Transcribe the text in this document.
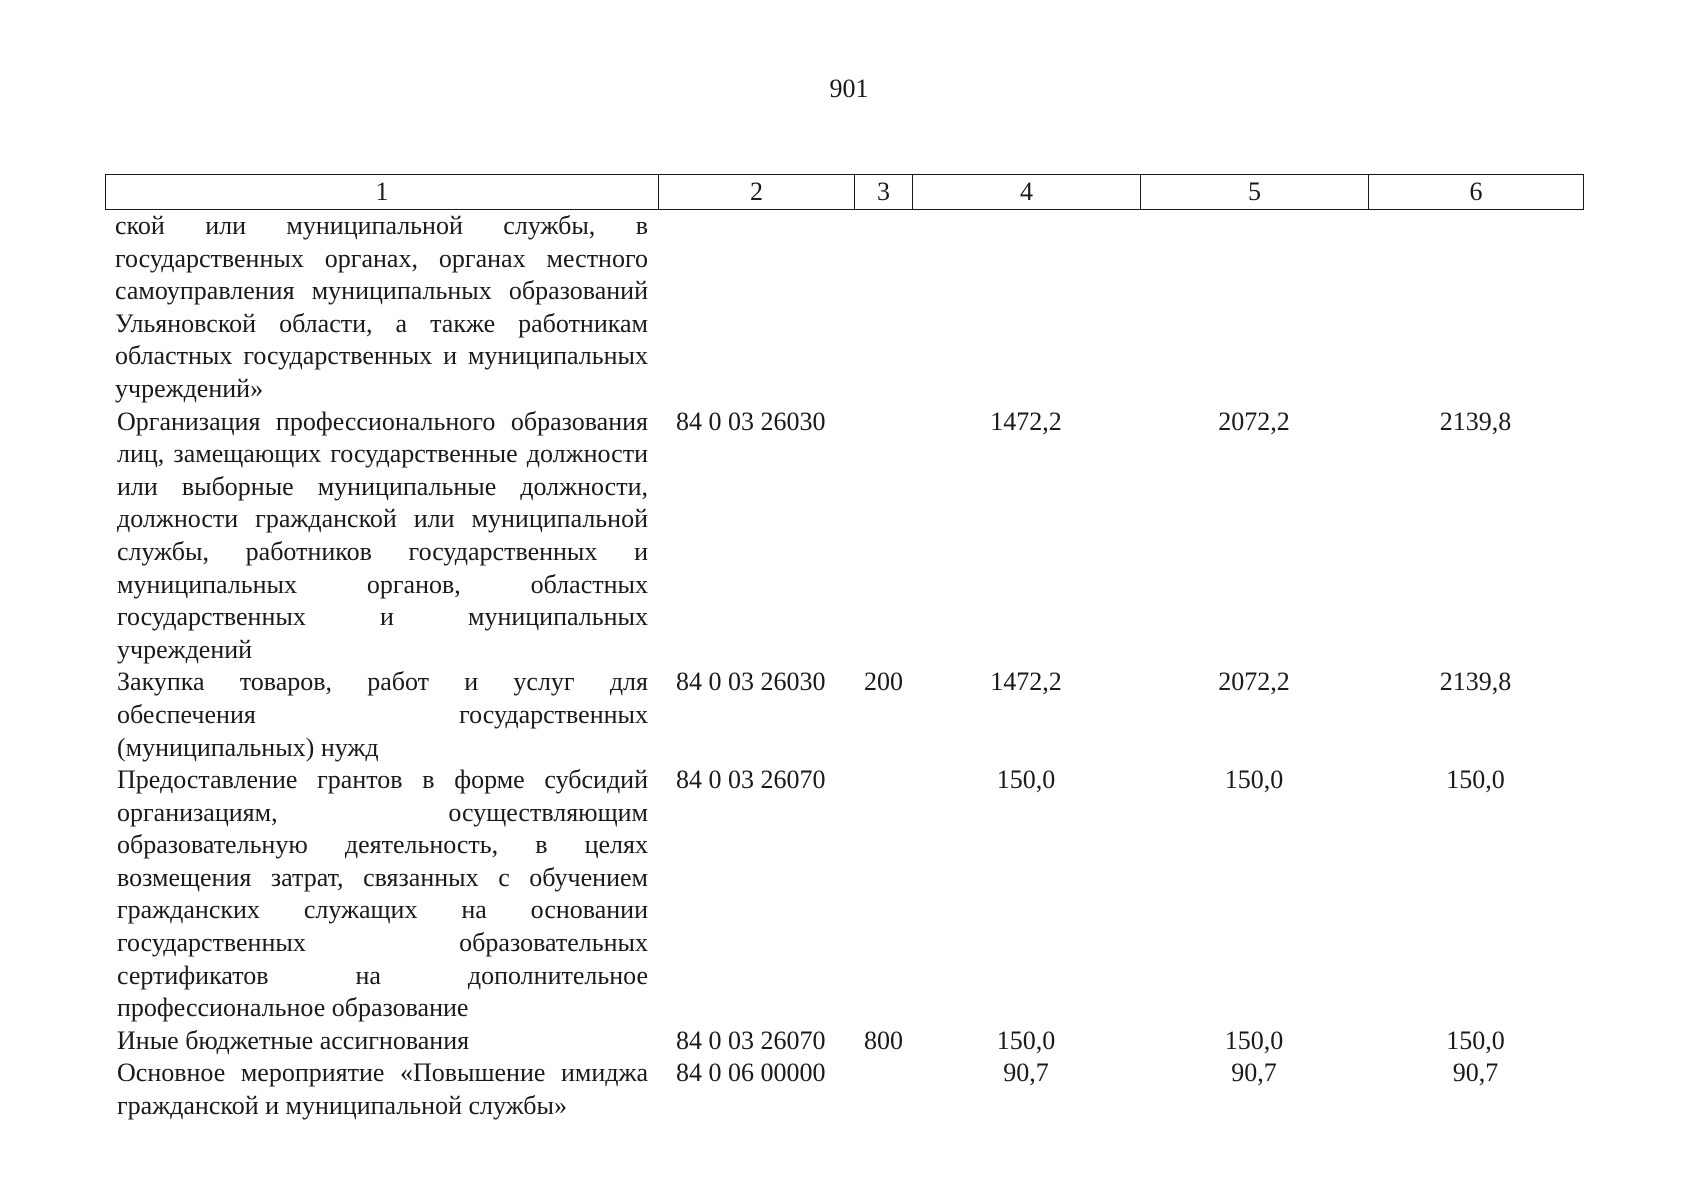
901
1	2	3	4	5	6
ской или муниципальной службы, в государственных органах, органах местного самоуправления муниципальных образований Ульяновской области, а также работникам областных государственных и муниципальных учреждений»					
Организация профессионального образования лиц, замещающих государственные должности или выборные муниципальные должности, должности гражданской или муниципальной службы, работников государственных и муниципальных органов, областных государственных и муниципальных учреждений	84 0 03 26030		1472,2	2072,2	2139,8
Закупка товаров, работ и услуг для обеспечения государственных (муниципальных) нужд	84 0 03 26030	200	1472,2	2072,2	2139,8
Предоставление грантов в форме субсидий организациям, осуществляющим образовательную деятельность, в целях возмещения затрат, связанных с обучением гражданских служащих на основании государственных образовательных сертификатов на дополнительное профессиональное образование	84 0 03 26070		150,0	150,0	150,0
Иные бюджетные ассигнования	84 0 03 26070	800	150,0	150,0	150,0
Основное мероприятие «Повышение имиджа гражданской и муниципальной службы»	84 0 06 00000		90,7	90,7	90,7
